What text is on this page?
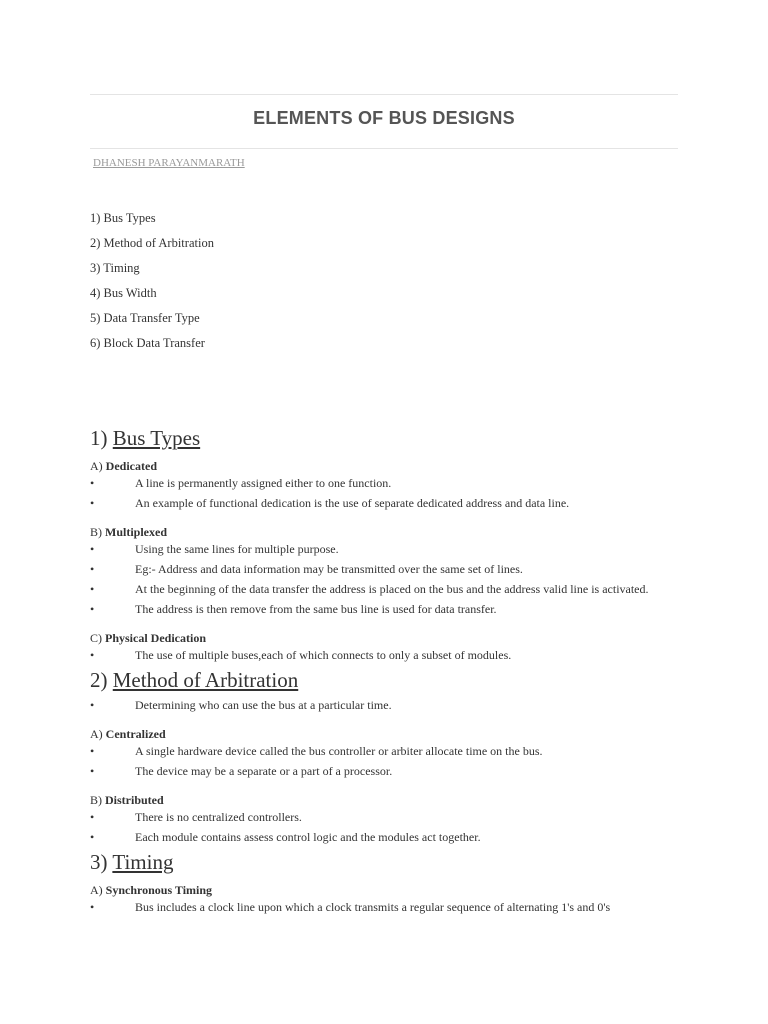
ELEMENTS OF BUS DESIGNS
DHANESH PARAYANMARATH
1) Bus Types
2) Method of Arbitration
3) Timing
4) Bus Width
5) Data Transfer Type
6) Block Data Transfer
1) Bus Types
A) Dedicated
•	A line is permanently assigned either to one function.
•	An example of functional dedication is the use of separate dedicated address and data line.
B) Multiplexed
•	Using the same lines for multiple purpose.
•	Eg:- Address and data information may be transmitted over the same set of lines.
•	At the beginning of the data transfer the address is placed on the bus and the address valid line is activated.
•	The address is then remove from the same bus line is used for data transfer.
C) Physical Dedication
•	The use of multiple buses,each of which connects to only a subset of modules.
2) Method of Arbitration
•	Determining who can use the bus at a particular time.
A) Centralized
•	A single hardware device called the bus controller or arbiter allocate time on the bus.
•	The device may be a separate or a part of a processor.
B) Distributed
•	There is no centralized controllers.
•	Each module contains assess control logic and the modules act together.
3) Timing
A) Synchronous Timing
•	Bus includes a clock line upon which a clock transmits a regular sequence of alternating 1's and 0's
